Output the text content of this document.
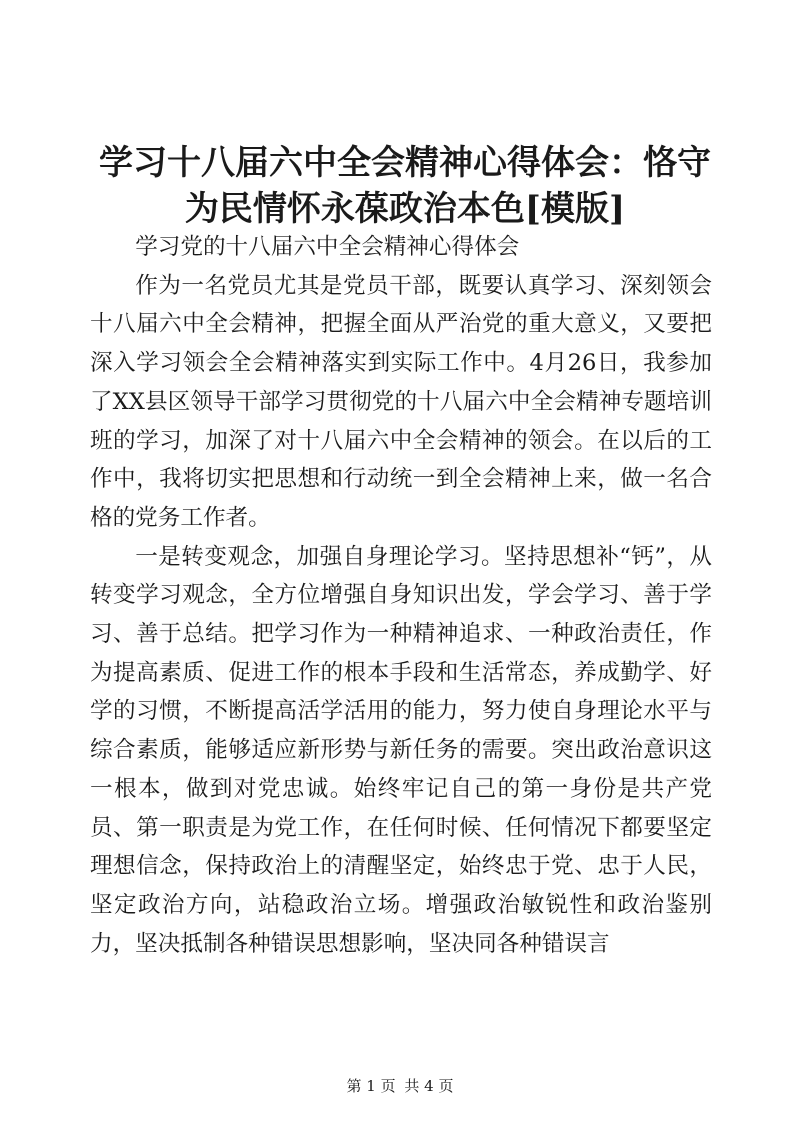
学习十八届六中全会精神心得体会：恪守为民情怀永葆政治本色[模版]

学习党的十八届六中全会精神心得体会

作为一名党员尤其是党员干部，既要认真学习、深刻领会十八届六中全会精神，把握全面从严治党的重大意义，又要把深入学习领会全会精神落实到实际工作中。4月26日，我参加了XX县区领导干部学习贯彻党的十八届六中全会精神专题培训班的学习，加深了对十八届六中全会精神的领会。在以后的工作中，我将切实把思想和行动统一到全会精神上来，做一名合格的党务工作者。

一是转变观念，加强自身理论学习。坚持思想补“钙”，从转变学习观念，全方位增强自身知识出发，学会学习、善于学习、善于总结。把学习作为一种精神追求、一种政治责任，作为提高素质、促进工作的根本手段和生活常态，养成勤学、好学的习惯，不断提高活学活用的能力，努力使自身理论水平与综合素质，能够适应新形势与新任务的需要。突出政治意识这一根本，做到对党忠诚。始终牢记自己的第一身份是共产党员、第一职责是为党工作，在任何时候、任何情况下都要坚定理想信念，保持政治上的清醒坚定，始终忠于党、忠于人民，坚定政治方向，站稳政治立场。增强政治敏锐性和政治鉴别力，坚决抵制各种错误思想影响，坚决同各种错误言

第 1 页 共 4 页
